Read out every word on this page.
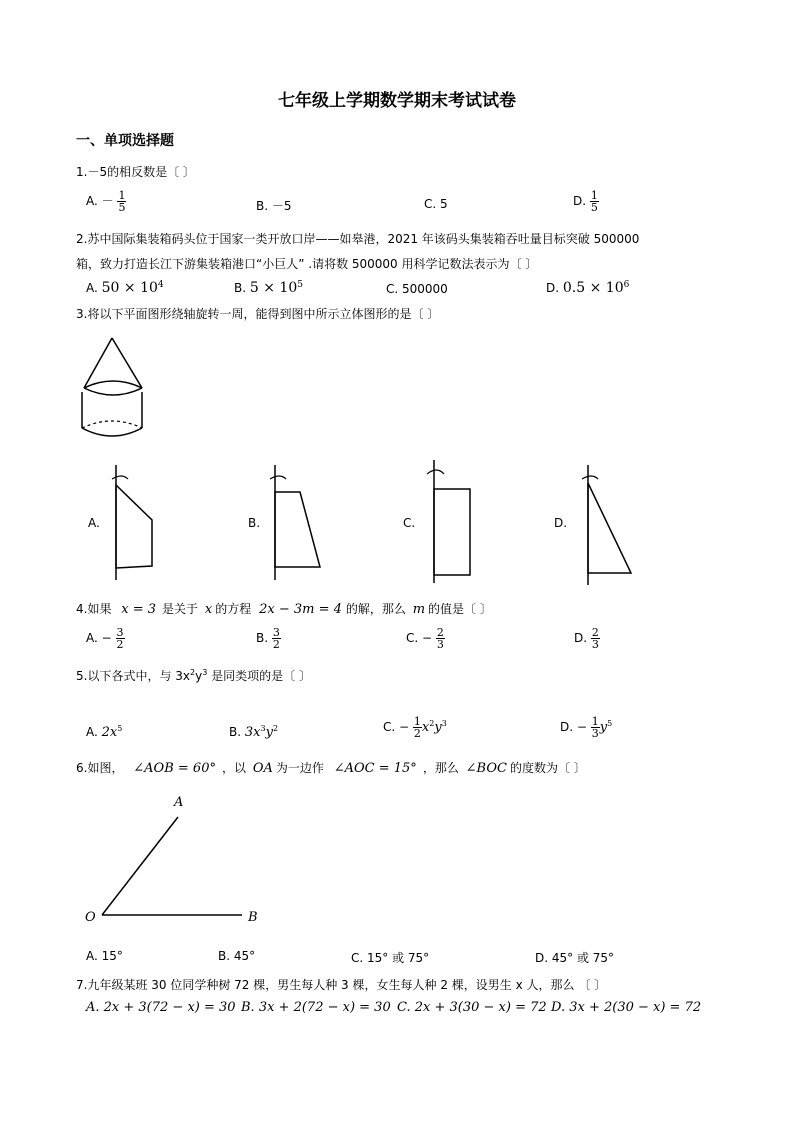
七年级上学期数学期末考试试卷
一、单项选择题
1.－5的相反数是〔 〕
A. － $\frac{1}{5}$	B. －5	C. 5	D. $\frac{1}{5}$
2.苏中国际集装箱码头位于国家一类开放口岸——如皋港，2021 年该码头集装箱吞吐量目标突破 500000
箱，致力打造长江下游集装箱港口“小巨人” .请将数 500000 用科学记数法表示为〔 〕
A. $50 \times 10^4$	B. $5 \times 10^5$	C. 500000	D. $0.5 \times 10^6$
3.将以下平面图形绕轴旋转一周，能得到图中所示立体图形的是〔 〕
A.	B.	C.	D.
4.如果 x = 3 是关于 x 的方程 2x − 3m = 4 的解，那么 m 的值是〔 〕
A. − $\frac{3}{2}$	B. $\frac{3}{2}$	C. − $\frac{2}{3}$	D. $\frac{2}{3}$
5.以下各式中，与 $3x^2y^3$ 是同类项的是〔 〕
A. $2x^5$	B. $3x^3y^2$	C. − $\frac{1}{2} x^2y^3$	D. − $\frac{1}{3} y^5$
6.如图， ∠AOB = 60° ，以 OA 为一边作 ∠AOC = 15° ，那么 ∠BOC 的度数为〔 〕
A
O	B
A. 15°	B. 45°	C. 15° 或 75°	D. 45° 或 75°
7.九年级某班 30 位同学种树 72 棵，男生每人种 3 棵，女生每人种 2 棵，设男生 x 人，那么 〔 〕
A. 2x + 3(72 − x) = 30 B. 3x + 2(72 − x) = 30 C. 2x + 3(30 − x) = 72 D. 3x + 2(30 − x) = 72
